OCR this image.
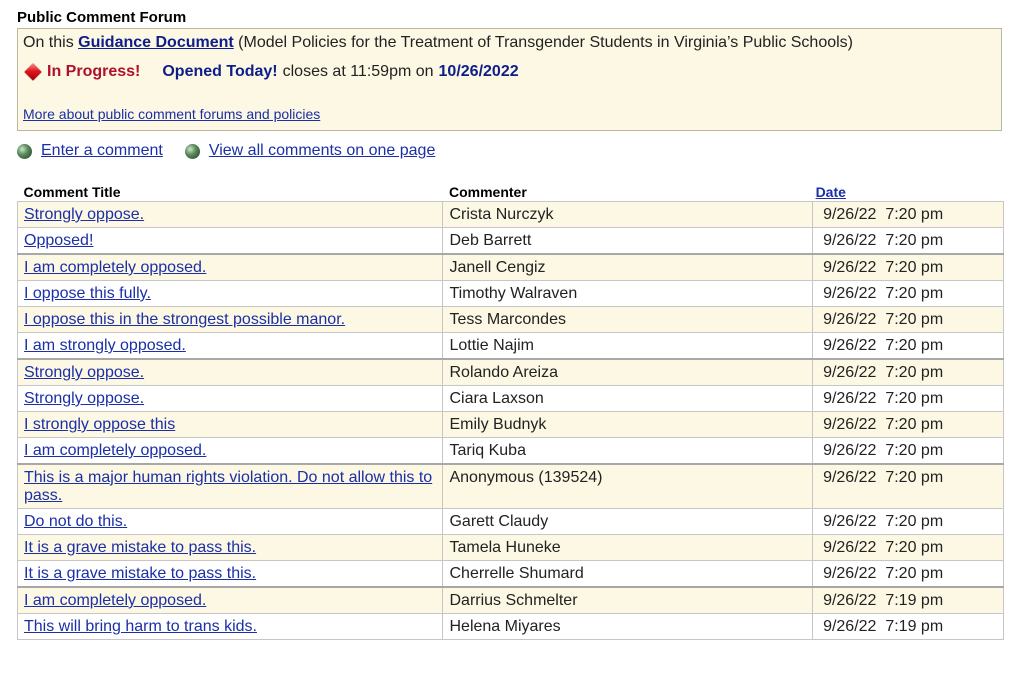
Public Comment Forum
On this Guidance Document (Model Policies for the Treatment of Transgender Students in Virginia’s Public Schools)
In Progress! Opened Today! closes at 11:59pm on 10/26/2022
More about public comment forums and policies
Enter a comment	View all comments on one page
Comment Title	Commenter	Date
Strongly oppose.	Crista Nurczyk	9/26/22  7:20 pm
Opposed!	Deb Barrett	9/26/22  7:20 pm
I am completely opposed.	Janell Cengiz	9/26/22  7:20 pm
I oppose this fully.	Timothy Walraven	9/26/22  7:20 pm
I oppose this in the strongest possible manor.	Tess Marcondes	9/26/22  7:20 pm
I am strongly opposed.	Lottie Najim	9/26/22  7:20 pm
Strongly oppose.	Rolando Areiza	9/26/22  7:20 pm
Strongly oppose.	Ciara Laxson	9/26/22  7:20 pm
I strongly oppose this	Emily Budnyk	9/26/22  7:20 pm
I am completely opposed.	Tariq Kuba	9/26/22  7:20 pm
This is a major human rights violation. Do not allow this to pass.	Anonymous (139524)	9/26/22  7:20 pm
Do not do this.	Garett Claudy	9/26/22  7:20 pm
It is a grave mistake to pass this.	Tamela Huneke	9/26/22  7:20 pm
It is a grave mistake to pass this.	Cherrelle Shumard	9/26/22  7:20 pm
I am completely opposed.	Darrius Schmelter	9/26/22  7:19 pm
This will bring harm to trans kids.	Helena Miyares	9/26/22  7:19 pm
